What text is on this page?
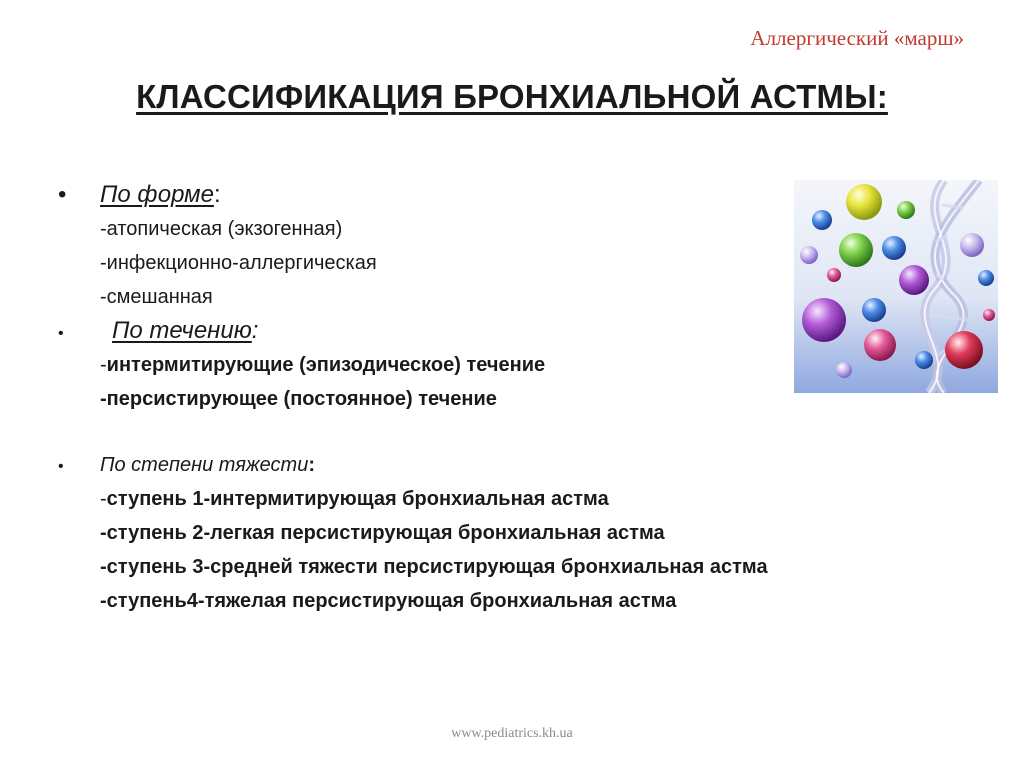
Аллергический «марш»
КЛАССИФИКАЦИЯ БРОНХИАЛЬНОЙ АСТМЫ:
•	По форме:
-атопическая (экзогенная)
-инфекционно-аллергическая
-смешанная
•	По течению:
-интермитирующие (эпизодическое) течение
-персистирующее (постоянное) течение
•	По степени тяжести:
-ступень 1-интермитирующая бронхиальная астма
-ступень 2-легкая персистирующая бронхиальная астма
-ступень 3-средней тяжести персистирующая бронхиальная астма
-ступень4-тяжелая персистирующая бронхиальная астма
www.pediatrics.kh.ua
